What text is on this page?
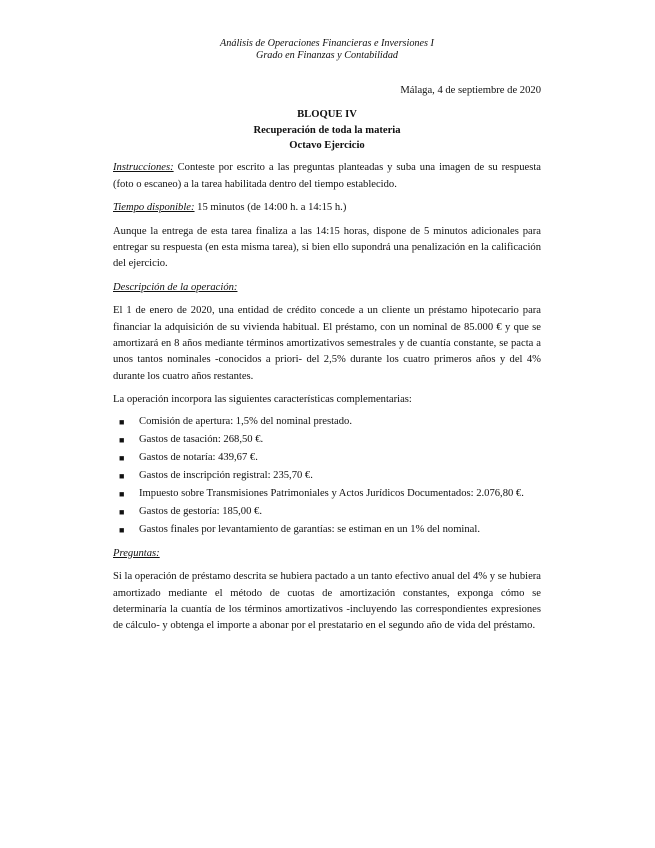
Análisis de Operaciones Financieras e Inversiones I
Grado en Finanzas y Contabilidad
Málaga, 4 de septiembre de 2020
BLOQUE IV
Recuperación de toda la materia
Octavo Ejercicio

Instrucciones: Conteste por escrito a las preguntas planteadas y suba una imagen de su respuesta (foto o escaneo) a la tarea habilitada dentro del tiempo establecido.

Tiempo disponible: 15 minutos (de 14:00 h. a 14:15 h.)

Aunque la entrega de esta tarea finaliza a las 14:15 horas, dispone de 5 minutos adicionales para entregar su respuesta (en esta misma tarea), si bien ello supondrá una penalización en la calificación del ejercicio.

Descripción de la operación:

El 1 de enero de 2020, una entidad de crédito concede a un cliente un préstamo hipotecario para financiar la adquisición de su vivienda habitual. El préstamo, con un nominal de 85.000 € y que se amortizará en 8 años mediante términos amortizativos semestrales y de cuantía constante, se pacta a unos tantos nominales -conocidos a priori- del 2,5% durante los cuatro primeros años y del 4% durante los cuatro años restantes.

La operación incorpora las siguientes características complementarias:

■ Comisión de apertura: 1,5% del nominal prestado.
■ Gastos de tasación: 268,50 €.
■ Gastos de notaría: 439,67 €.
■ Gastos de inscripción registral: 235,70 €.
■ Impuesto sobre Transmisiones Patrimoniales y Actos Jurídicos Documentados: 2.076,80 €.
■ Gastos de gestoría: 185,00 €.
■ Gastos finales por levantamiento de garantías: se estiman en un 1% del nominal.

Preguntas:

Si la operación de préstamo descrita se hubiera pactado a un tanto efectivo anual del 4% y se hubiera amortizado mediante el método de cuotas de amortización constantes, exponga cómo se determinaría la cuantía de los términos amortizativos -incluyendo las correspondientes expresiones de cálculo- y obtenga el importe a abonar por el prestatario en el segundo año de vida del préstamo.
